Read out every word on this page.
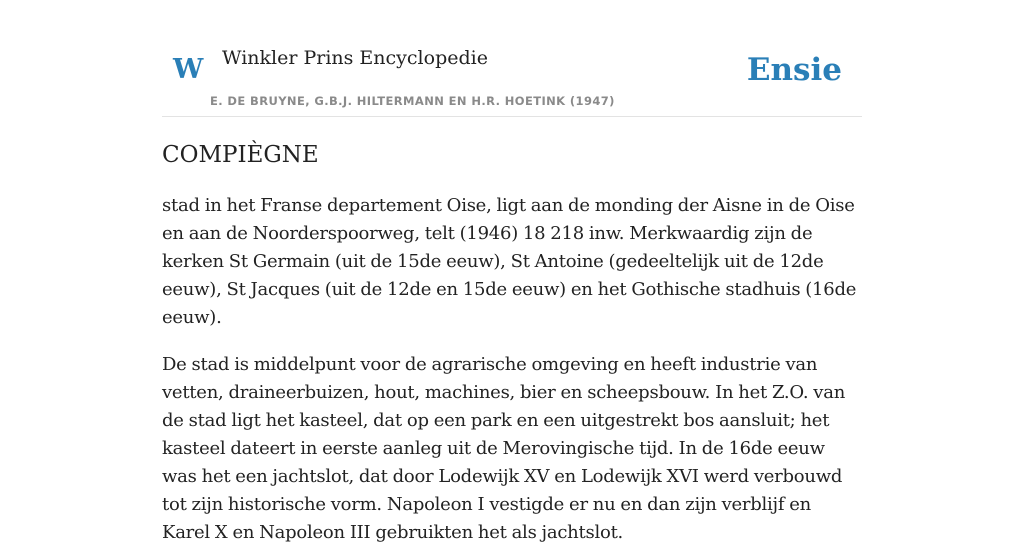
W Winkler Prins Encyclopedie
E. DE BRUYNE, G.B.J. HILTERMANN EN H.R. HOETINK (1947)
Ensie
COMPIÈGNE

stad in het Franse departement Oise, ligt aan de monding der Aisne in de Oise en aan de Noorderspoorweg, telt (1946) 18 218 inw. Merkwaardig zijn de kerken St Germain (uit de 15de eeuw), St Antoine (gedeeltelijk uit de 12de eeuw), St Jacques (uit de 12de en 15de eeuw) en het Gothische stadhuis (16de eeuw).

De stad is middelpunt voor de agrarische omgeving en heeft industrie van vetten, draineerbuizen, hout, machines, bier en scheepsbouw. In het Z.O. van de stad ligt het kasteel, dat op een park en een uitgestrekt bos aansluit; het kasteel dateert in eerste aanleg uit de Merovingische tijd. In de 16de eeuw was het een jachtslot, dat door Lodewijk XV en Lodewijk XVI werd verbouwd tot zijn historische vorm. Napoleon I vestigde er nu en dan zijn verblijf en Karel X en Napoleon III gebruikten het als jachtslot.
